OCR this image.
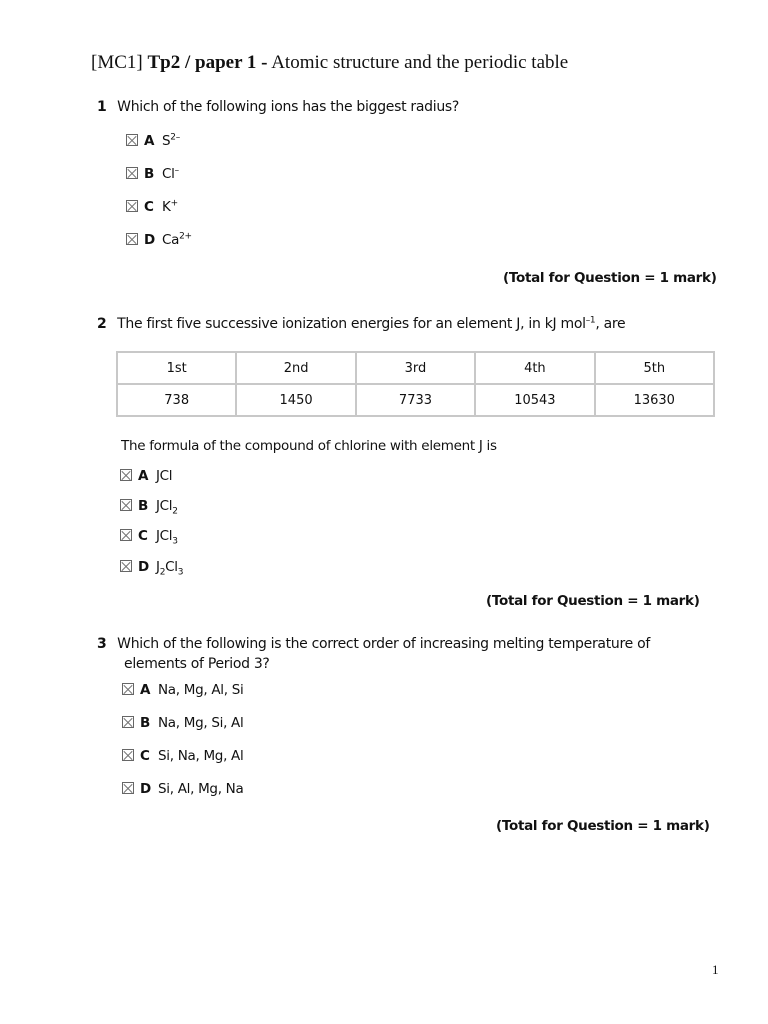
[MC1] Tp2 / paper 1 - Atomic structure and the periodic table
1 Which of the following ions has the biggest radius?
A $S^{2-}$
B Cl–
C K+
D $Ca^{2+}$
(Total for Question = 1 mark)
2 The first five successive ionization energies for an element J, in kJ mol$^{-1}$, are
1st	2nd	3rd	4th	5th
738	1450	7733	10543	13630
The formula of the compound of chlorine with element J is
A JCl
B JCl$_2$
C JCl$_3$
D $J_2Cl_3$
(Total for Question = 1 mark)
3 Which of the following is the correct order of increasing melting temperature of
elements of Period 3?
A Na, Mg, Al, Si
B Na, Mg, Si, Al
C Si, Na, Mg, Al
D Si, Al, Mg, Na
(Total for Question = 1 mark)
1
